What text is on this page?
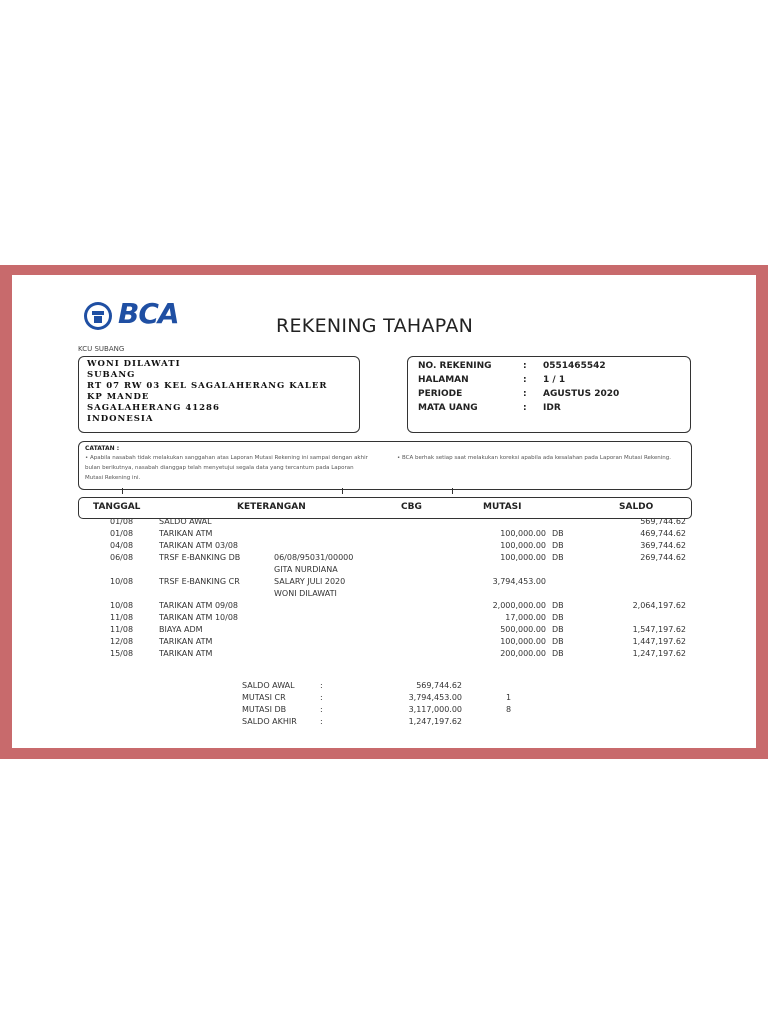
BCA	REKENING TAHAPAN
KCU SUBANG
WONI DILAWATI
SUBANG
RT 07 RW 03 KEL SAGALAHERANG KALER
KP MANDE
SAGALAHERANG 41286
INDONESIA
NO. REKENING	: 0551465542
HALAMAN	: 1 / 1
PERIODE	: AGUSTUS 2020
MATA UANG	: IDR
CATATAN :
• Apabila nasabah tidak melakukan sanggahan atas Laporan Mutasi Rekening ini sampai dengan akhir bulan berikutnya, nasabah dianggap telah menyetujui segala data yang tercantum pada Laporan Mutasi Rekening ini.
• BCA berhak setiap saat melakukan koreksi apabila ada kesalahan pada Laporan Mutasi Rekening.
TANGGAL	KETERANGAN	CBG	MUTASI	SALDO
01/08	SALDO AWAL	569,744.62
01/08	TARIKAN ATM	100,000.00 DB	469,744.62
04/08	TARIKAN ATM 03/08	100,000.00 DB	369,744.62
06/08	TRSF E-BANKING DB	06/08/95031/00000	100,000.00 DB	269,744.62
GITA NURDIANA
10/08	TRSF E-BANKING CR	SALARY JULI 2020	3,794,453.00
WONI DILAWATI
10/08	TARIKAN ATM 09/08	2,000,000.00 DB	2,064,197.62
11/08	TARIKAN ATM 10/08	17,000.00 DB
11/08	BIAYA ADM	500,000.00 DB	1,547,197.62
12/08	TARIKAN ATM	100,000.00 DB	1,447,197.62
15/08	TARIKAN ATM	200,000.00 DB	1,247,197.62
SALDO AWAL	:	569,744.62
MUTASI CR	:	3,794,453.00	1
MUTASI DB	:	3,117,000.00	8
SALDO AKHIR	:	1,247,197.62
